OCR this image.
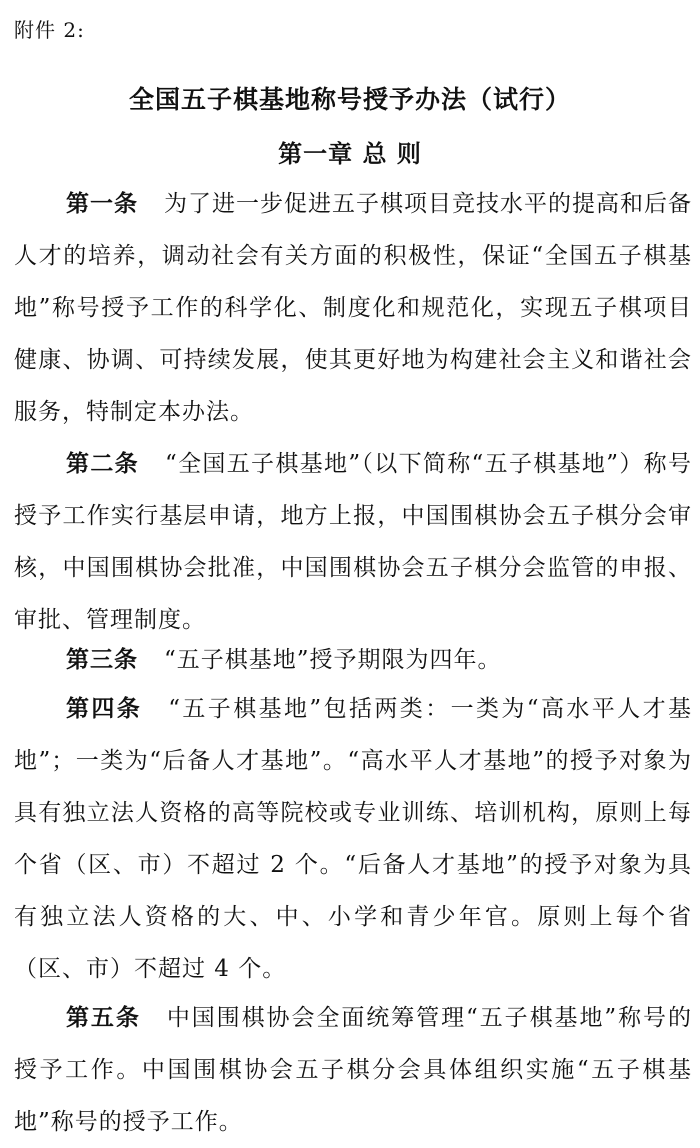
附件 2:
全国五子棋基地称号授予办法（试行）
第一章 总 则

第一条 为了进一步促进五子棋项目竞技水平的提高和后备人才的培养，调动社会有关方面的积极性，保证“全国五子棋基地”称号授予工作的科学化、制度化和规范化，实现五子棋项目健康、协调、可持续发展，使其更好地为构建社会主义和谐社会服务，特制定本办法。

第二条 “全国五子棋基地”（以下简称“五子棋基地”）称号授予工作实行基层申请，地方上报，中国围棋协会五子棋分会审核，中国围棋协会批准，中国围棋协会五子棋分会监管的申报、审批、管理制度。

第三条 “五子棋基地”授予期限为四年。

第四条 “五子棋基地”包括两类：一类为“高水平人才基地”；一类为“后备人才基地”。“高水平人才基地”的授予对象为具有独立法人资格的高等院校或专业训练、培训机构，原则上每个省（区、市）不超过 2 个。“后备人才基地”的授予对象为具有独立法人资格的大、中、小学和青少年官。原则上每个省（区、市）不超过 4 个。

第五条 中国围棋协会全面统筹管理“五子棋基地”称号的授予工作。中国围棋协会五子棋分会具体组织实施“五子棋基地”称号的授予工作。
